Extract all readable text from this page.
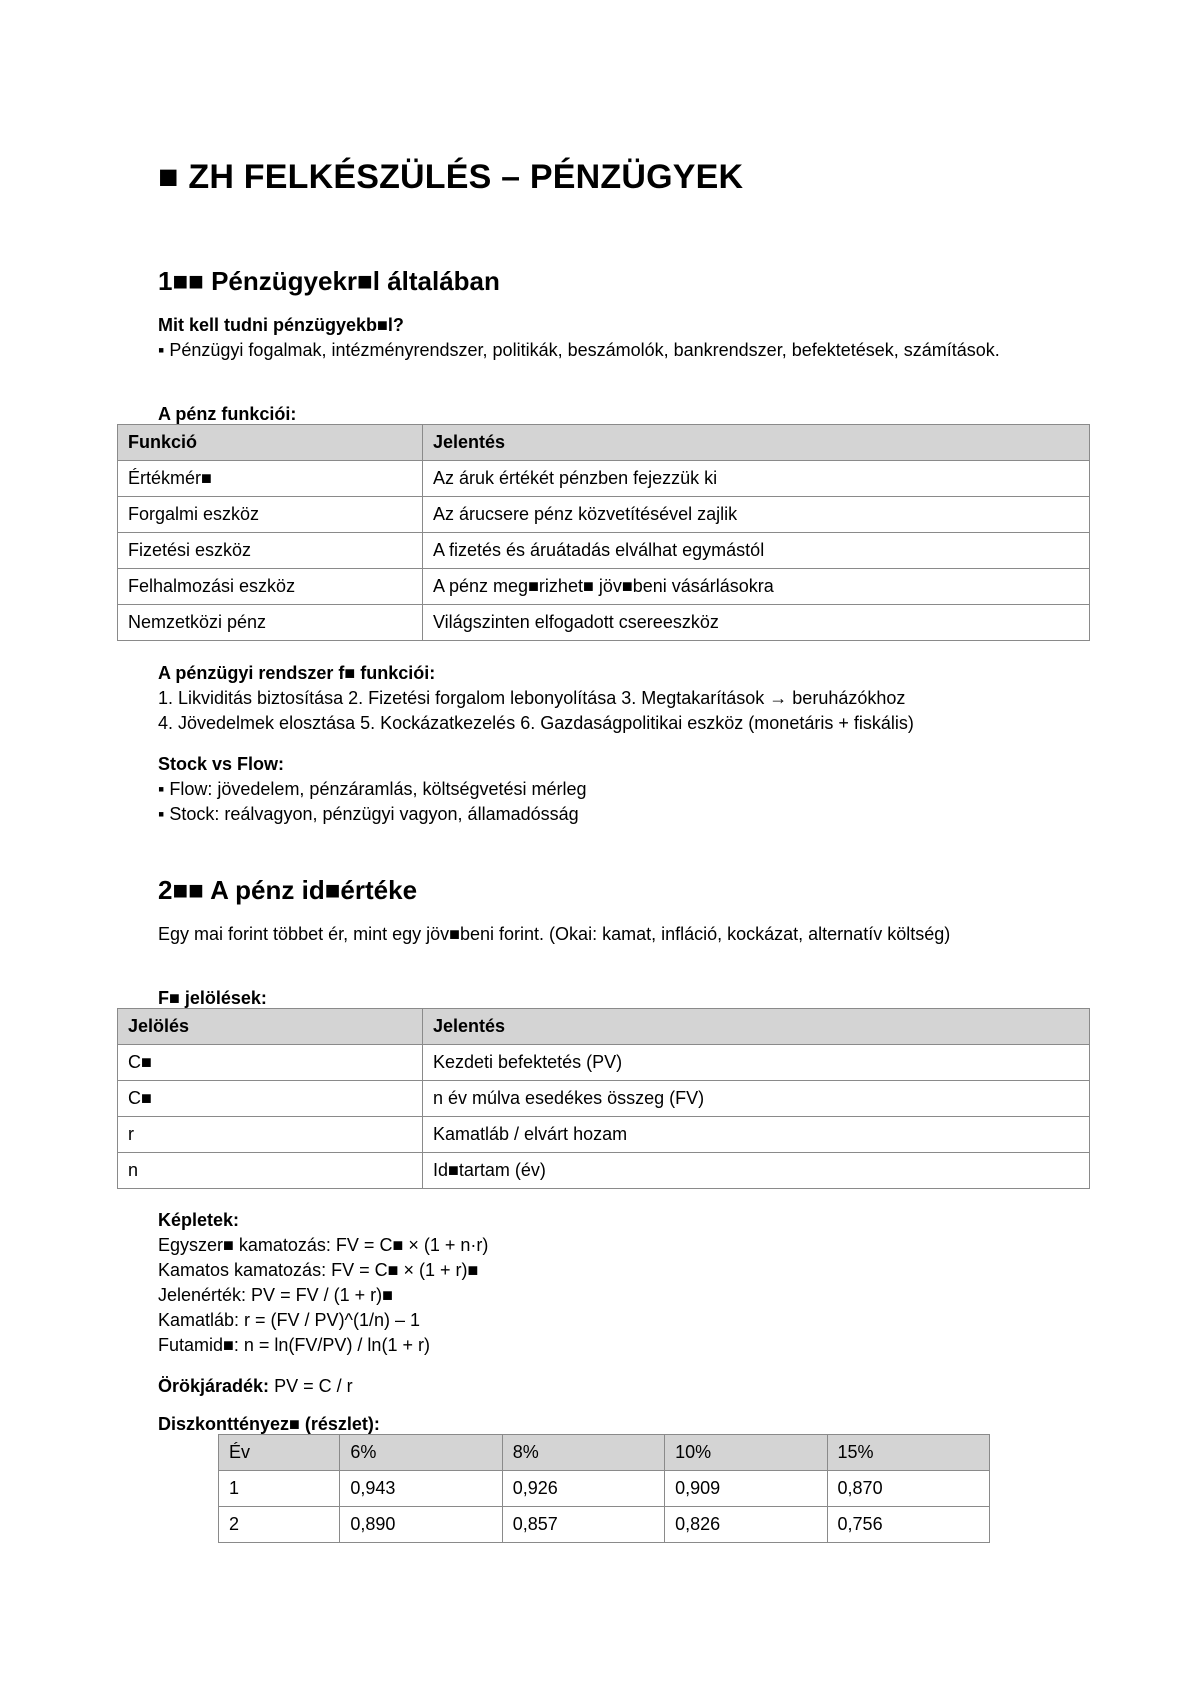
■ ZH FELKÉSZÜLÉS – PÉNZÜGYEK
1■■ Pénzügyekr■l általában
Mit kell tudni pénzügyekb■l?
▪ Pénzügyi fogalmak, intézményrendszer, politikák, beszámolók, bankrendszer, befektetések, számítások.
A pénz funkciói:
Funkció	Jelentés
Értékmér■	Az áruk értékét pénzben fejezzük ki
Forgalmi eszköz	Az árucsere pénz közvetítésével zajlik
Fizetési eszköz	A fizetés és áruátadás elválhat egymástól
Felhalmozási eszköz	A pénz meg■rizhet■ jöv■beni vásárlásokra
Nemzetközi pénz	Világszinten elfogadott csereeszköz
A pénzügyi rendszer f■ funkciói:
1. Likviditás biztosítása 2. Fizetési forgalom lebonyolítása 3. Megtakarítások → beruházókhoz
4. Jövedelmek elosztása 5. Kockázatkezelés 6. Gazdaságpolitikai eszköz (monetáris + fiskális)
Stock vs Flow:
▪ Flow: jövedelem, pénzáramlás, költségvetési mérleg
▪ Stock: reálvagyon, pénzügyi vagyon, államadósság
2■■ A pénz id■értéke
Egy mai forint többet ér, mint egy jöv■beni forint. (Okai: kamat, infláció, kockázat, alternatív költség)
F■ jelölések:
Jelölés	Jelentés
C■	Kezdeti befektetés (PV)
C■	n év múlva esedékes összeg (FV)
r	Kamatláb / elvárt hozam
n	Id■tartam (év)
Képletek:
Egyszer■ kamatozás: FV = C■ × (1 + n·r)
Kamatos kamatozás: FV = C■ × (1 + r)■
Jelenérték: PV = FV / (1 + r)■
Kamatláb: r = (FV / PV)^(1/n) – 1
Futamid■: n = ln(FV/PV) / ln(1 + r)
Örökjáradék: PV = C / r
Diszkonttényez■ (részlet):
Év	6%	8%	10%	15%
1	0,943	0,926	0,909	0,870
2	0,890	0,857	0,826	0,756
